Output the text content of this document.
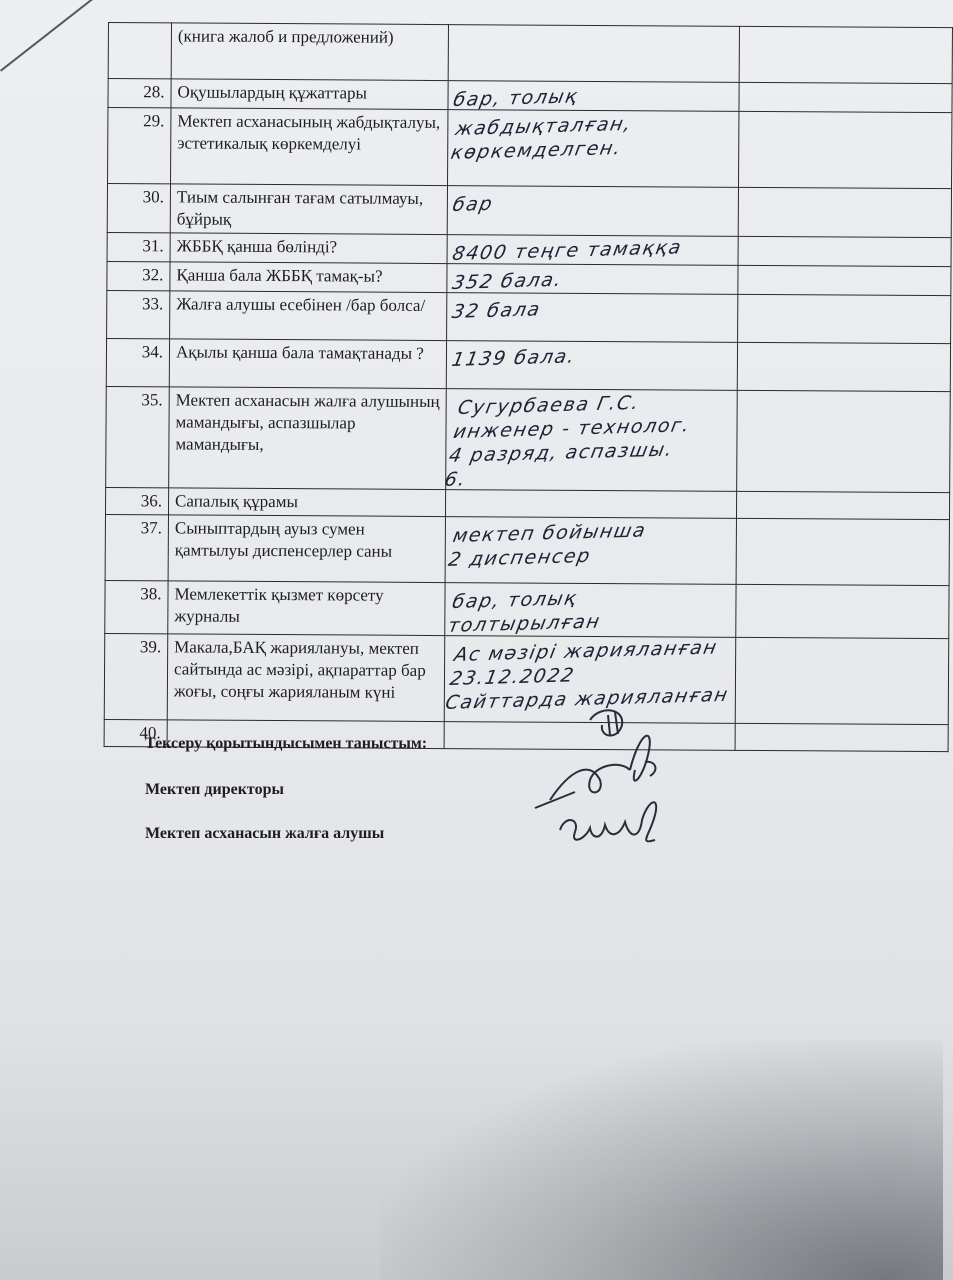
	(книга жалоб и предложений)	

28.	Оқушылардың құжаттары	бар, толық	

29.	Мектеп асханасының жабдықталуы, эстетикалық көркемделуі	жабдықталған,
көркемделген.	

30.	Тиым салынған тағам сатылмауы, бұйрық	бар	

31.	ЖББҚ қанша бөлінді?	8400 теңге тамаққа	

32.	Қанша бала ЖББҚ тамақ-ы?	352 бала.	

33.	Жалға алушы есебінен /бар болса/	32 бала	

34.	Ақылы қанша бала тамақтанады ?	1139 бала.	

35.	Мектеп асханасын жалға алушының мамандығы, аспазшылар мамандығы,	Сугурбаева Г.С.
инженер - технолог.
4 разряд, аспазшы.
6.	

36.	Сапалық құрамы	

37.	Сыныптардың ауыз сумен қамтылуы диспенсерлер саны	мектеп бойынша
2 диспенсер	

38.	Мемлекеттік қызмет көрсету журналы	бар, толық
толтырылған	

39.	Макала,БАҚ жариялануы, мектеп сайтында ас мәзірі, ақпараттар бар жоғы, соңғы жарияланым күні	Ас мәзірі жарияланған
23.12.2022
Сайттарда жарияланған	

40.		

Тексеру қорытындысымен таныстым:
Мектеп директоры
Мектеп асханасын жалға алушы
